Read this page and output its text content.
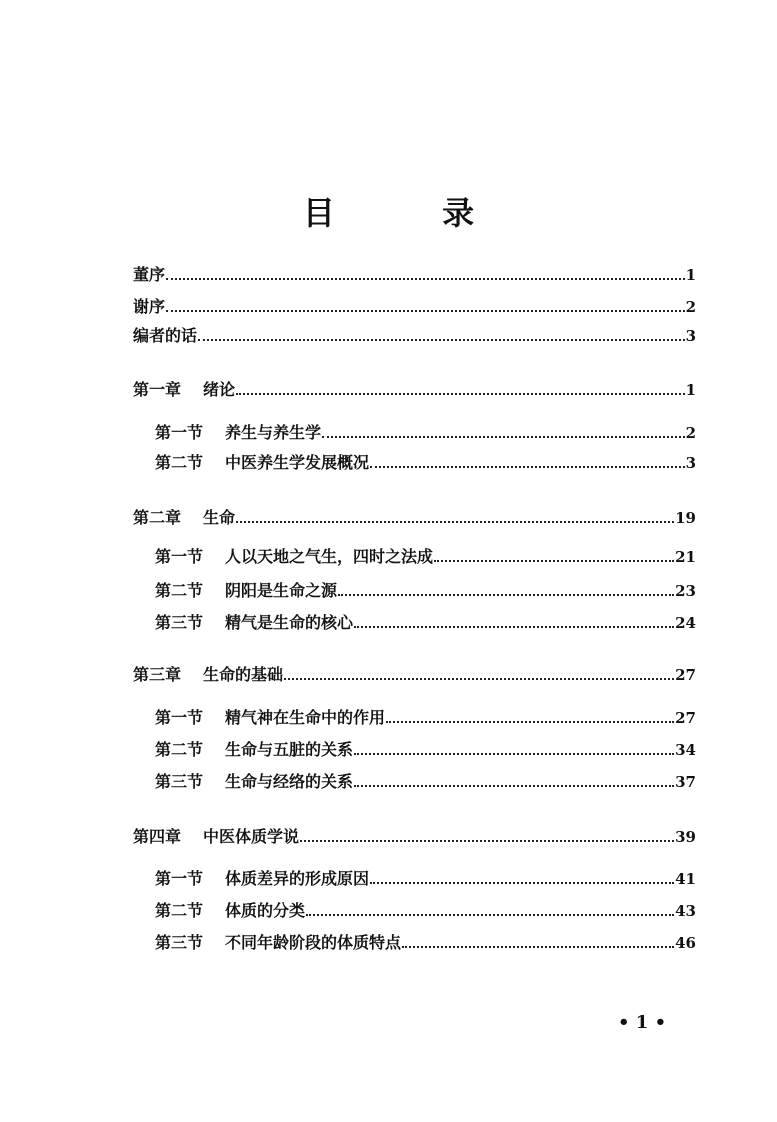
目 录
董序	1
谢序	2
编者的话	3
第一章 绪论	1
第一节 养生与养生学	2
第二节 中医养生学发展概况	3
第二章 生命	19
第一节 人以天地之气生，四时之法成	21
第二节 阴阳是生命之源	23
第三节 精气是生命的核心	24
第三章 生命的基础	27
第一节 精气神在生命中的作用	27
第二节 生命与五脏的关系	34
第三节 生命与经络的关系	37
第四章 中医体质学说	39
第一节 体质差异的形成原因	41
第二节 体质的分类	43
第三节 不同年龄阶段的体质特点	46
• 1 •
